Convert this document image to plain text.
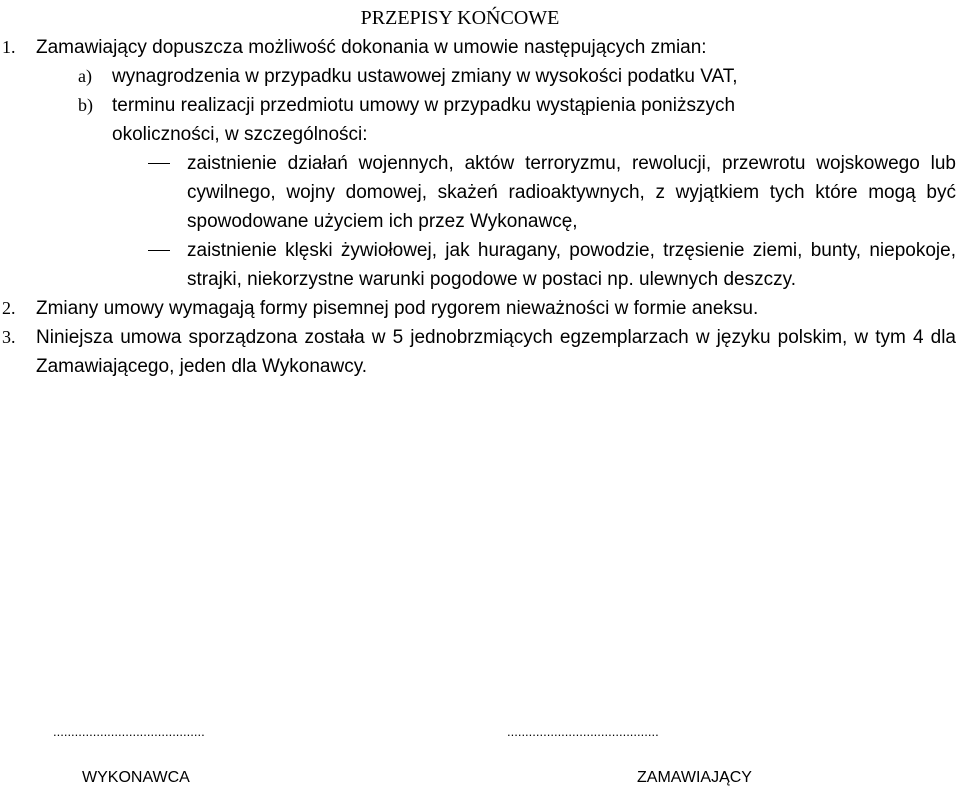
PRZEPISY KOŃCOWE
1. Zamawiający dopuszcza możliwość dokonania w umowie następujących zmian:
a)	wynagrodzenia w przypadku ustawowej zmiany w wysokości podatku VAT,
b)	terminu realizacji przedmiotu umowy w przypadku wystąpienia poniższych
okoliczności, w szczególności:
zaistnienie działań wojennych, aktów terroryzmu, rewolucji, przewrotu wojskowego lub cywilnego, wojny domowej, skażeń radioaktywnych, z wyjątkiem tych które mogą być spowodowane użyciem ich przez Wykonawcę,
zaistnienie klęski żywiołowej, jak huragany, powodzie, trzęsienie ziemi, bunty, niepokoje, strajki, niekorzystne warunki pogodowe w postaci np. ulewnych deszczy.
2. Zmiany umowy wymagają formy pisemnej pod rygorem nieważności w formie aneksu.
3. Niniejsza umowa sporządzona została w 5 jednobrzmiących egzemplarzach w języku polskim, w tym 4 dla Zamawiającego, jeden dla Wykonawcy.
..........................................	..........................................
WYKONAWCA	ZAMAWIAJĄCY
